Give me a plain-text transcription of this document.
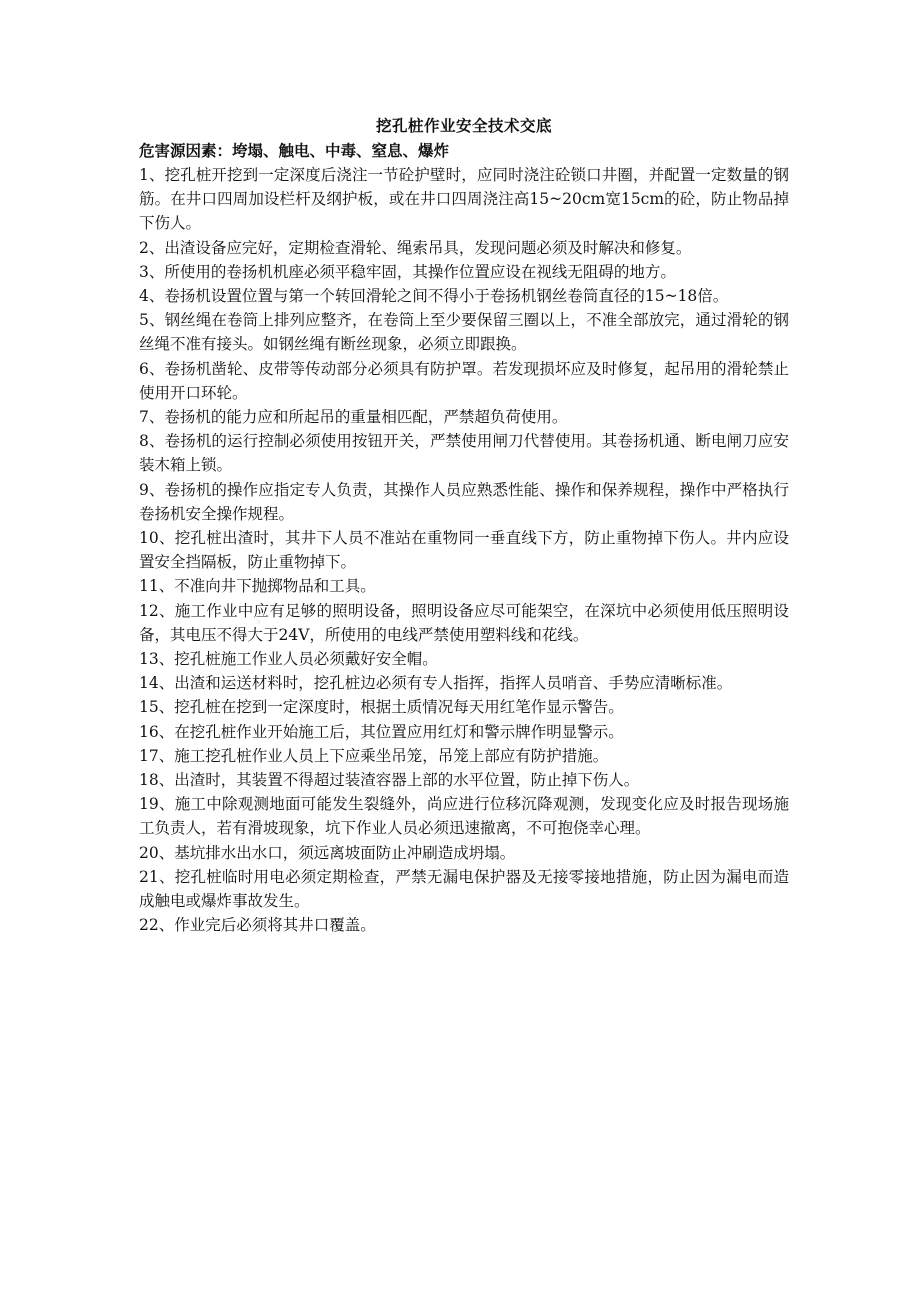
挖孔桩作业安全技术交底
危害源因素：垮塌、触电、中毒、窒息、爆炸
1、挖孔桩开挖到一定深度后浇注一节砼护壁时，应同时浇注砼锁口井圈，并配置一定数量的钢筋。在井口四周加设栏杆及纲护板，或在井口四周浇注高15~20cm宽15cm的砼，防止物品掉下伤人。
2、出渣设备应完好，定期检查滑轮、绳索吊具，发现问题必须及时解决和修复。
3、所使用的卷扬机机座必须平稳牢固，其操作位置应设在视线无阻碍的地方。
4、卷扬机设置位置与第一个转回滑轮之间不得小于卷扬机钢丝卷筒直径的15~18倍。
5、钢丝绳在卷筒上排列应整齐，在卷筒上至少要保留三圈以上，不准全部放完，通过滑轮的钢丝绳不准有接头。如钢丝绳有断丝现象，必须立即跟换。
6、卷扬机凿轮、皮带等传动部分必须具有防护罩。若发现损坏应及时修复，起吊用的滑轮禁止使用开口环轮。
7、卷扬机的能力应和所起吊的重量相匹配，严禁超负荷使用。
8、卷扬机的运行控制必须使用按钮开关，严禁使用闸刀代替使用。其卷扬机通、断电闸刀应安装木箱上锁。
9、卷扬机的操作应指定专人负责，其操作人员应熟悉性能、操作和保养规程，操作中严格执行卷扬机安全操作规程。
10、挖孔桩出渣时，其井下人员不准站在重物同一垂直线下方，防止重物掉下伤人。井内应设置安全挡隔板，防止重物掉下。
11、不准向井下抛掷物品和工具。
12、施工作业中应有足够的照明设备，照明设备应尽可能架空，在深坑中必须使用低压照明设备，其电压不得大于24V，所使用的电线严禁使用塑料线和花线。
13、挖孔桩施工作业人员必须戴好安全帽。
14、出渣和运送材料时，挖孔桩边必须有专人指挥，指挥人员哨音、手势应清晰标准。
15、挖孔桩在挖到一定深度时，根据土质情况每天用红笔作显示警告。
16、在挖孔桩作业开始施工后，其位置应用红灯和警示牌作明显警示。
17、施工挖孔桩作业人员上下应乘坐吊笼，吊笼上部应有防护措施。
18、出渣时，其装置不得超过装渣容器上部的水平位置，防止掉下伤人。
19、施工中除观测地面可能发生裂缝外，尚应进行位移沉降观测，发现变化应及时报告现场施工负责人，若有滑坡现象，坑下作业人员必须迅速撤离，不可抱侥幸心理。
20、基坑排水出水口，须远离坡面防止冲刷造成坍塌。
21、挖孔桩临时用电必须定期检查，严禁无漏电保护器及无接零接地措施，防止因为漏电而造成触电或爆炸事故发生。
22、作业完后必须将其井口覆盖。
